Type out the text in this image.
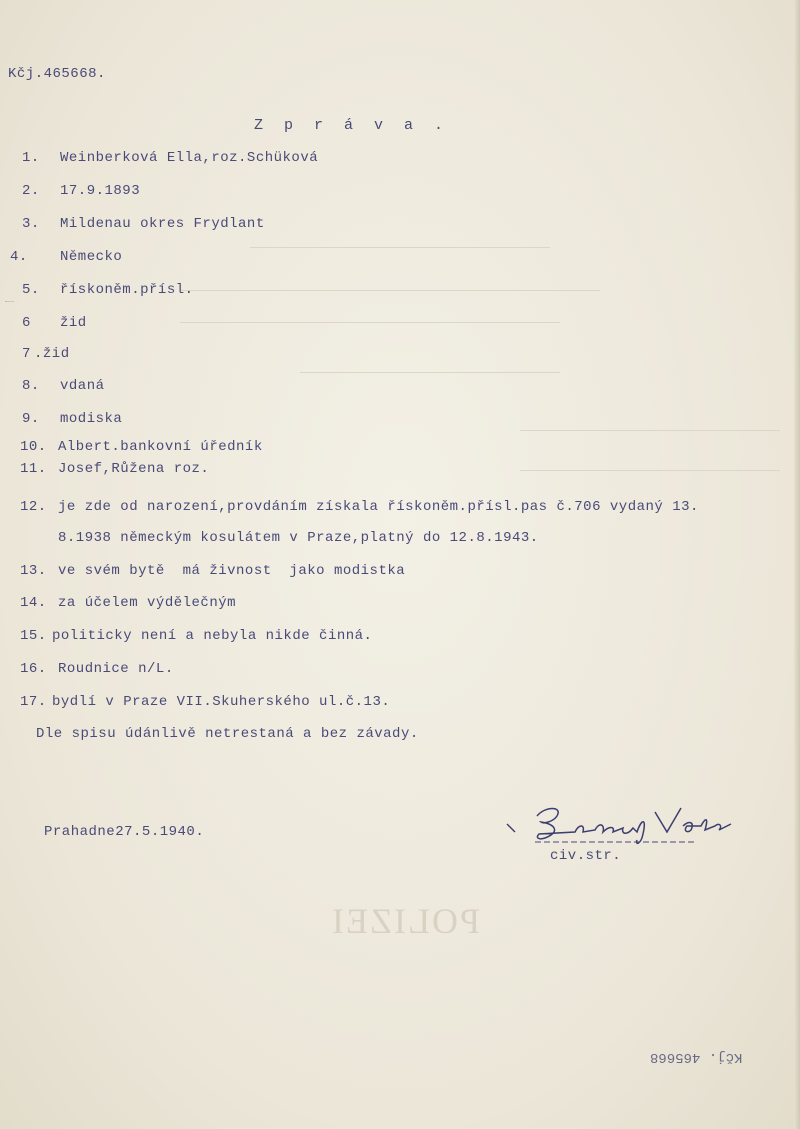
Kčj.465668.
Z p r á v a .
1. Weinberková Ella,roz.Schüková
2. 17.9.1893
3. Mildenau okres Frydlant
4. Německo
5. řískoněm.přísl.
6 žid
7 .žid
8. vdaná
9. modiska
10. Albert.bankovní úředník
11. Josef,Růžena roz.
12. je zde od narození,provdáním získala řískoněm.přísl.pas č.706 vydaný 13.
8.1938 německým kosulátem v Praze,platný do 12.8.1943.
13. ve svém bytě  má živnost  jako modistka
14. za účelem výdělečným
15. politicky není a nebyla nikde činná.
16. Roudnice n/L.
17. bydlí v Praze VII.Skuherského ul.č.13.
Dle spisu údánlivě netrestaná a bez závady.
Prahadne27.5.1940.
Benžinek Václav
civ.str.
POLIZEI
Kčj. 465668
